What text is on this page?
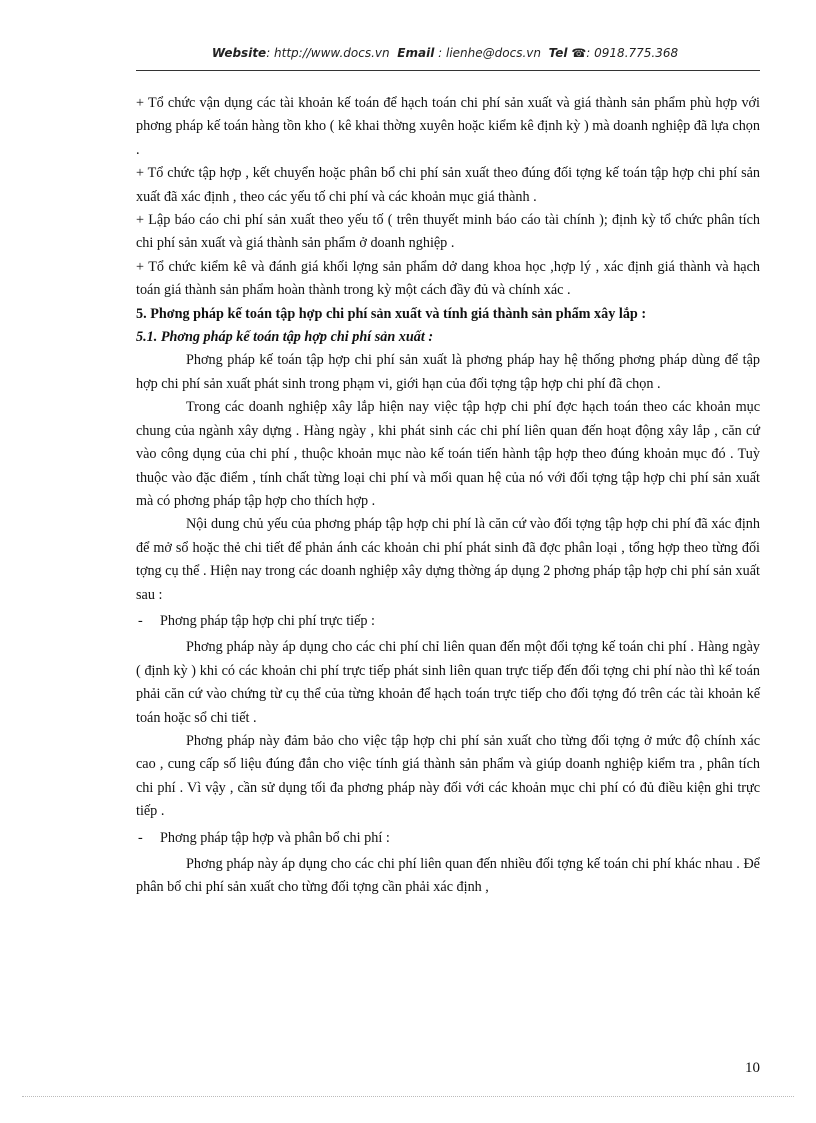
Website: http://www.docs.vn Email : lienhe@docs.vn Tel ☎: 0918.775.368

+ Tổ chức vận dụng các tài khoản kế toán để hạch toán chi phí sản xuất và giá thành sản phẩm phù hợp với phơng pháp kế toán hàng tồn kho ( kê khai thờng xuyên hoặc kiểm kê định kỳ ) mà doanh nghiệp đã lựa chọn .

+ Tổ chức tập hợp , kết chuyển hoặc phân bổ chi phí sản xuất theo đúng đối tợng kế toán tập hợp chi phí sản xuất đã xác định , theo các yếu tố chi phí và các khoản mục giá thành .

+ Lập báo cáo chi phí sản xuất theo yếu tố ( trên thuyết minh báo cáo tài chính ); định kỳ tổ chức phân tích chi phí sản xuất và giá thành sản phẩm ở doanh nghiệp .

+ Tổ chức kiểm kê và đánh giá khối lợng sản phẩm dở dang khoa học ,hợp lý , xác định giá thành và hạch toán giá thành sản phẩm hoàn thành trong kỳ một cách đầy đủ và chính xác .

5. Phơng pháp kế toán tập hợp chi phí sản xuất và tính giá thành sản phẩm xây lắp :

5.1. Phơng pháp kế toán tập hợp chi phí sản xuất :

Phơng pháp kế toán tập hợp chi phí sản xuất là phơng pháp hay hệ thống phơng pháp dùng để tập hợp chi phí sản xuất phát sinh trong phạm vi, giới hạn của đối tợng tập hợp chi phí đã chọn .

Trong các doanh nghiệp xây lắp hiện nay việc tập hợp chi phí đợc hạch toán theo các khoản mục chung của ngành xây dựng . Hàng ngày , khi phát sinh các chi phí liên quan đến hoạt động xây lắp , căn cứ vào công dụng của chi phí , thuộc khoản mục nào kế toán tiến hành tập hợp theo đúng khoản mục đó . Tuỳ thuộc vào đặc điểm , tính chất từng loại chi phí và mối quan hệ của nó với đối tợng tập hợp chi phí sản xuất mà có phơng pháp tập hợp cho thích hợp .

Nội dung chủ yếu của phơng pháp tập hợp chi phí là căn cứ vào đối tợng tập hợp chi phí đã xác định để mở sổ hoặc thẻ chi tiết để phản ánh các khoản chi phí phát sinh đã đợc phân loại , tổng hợp theo từng đối tợng cụ thể . Hiện nay trong các doanh nghiệp xây dựng thờng áp dụng 2 phơng pháp tập hợp chi phí sản xuất sau :

- Phơng pháp tập hợp chi phí trực tiếp :

Phơng pháp này áp dụng cho các chi phí chỉ liên quan đến một đối tợng kế toán chi phí . Hàng ngày ( định kỳ ) khi có các khoản chi phí trực tiếp phát sinh liên quan trực tiếp đến đối tợng chi phí nào thì kế toán phải căn cứ vào chứng từ cụ thể của từng khoản để hạch toán trực tiếp cho đối tợng đó trên các tài khoản kế toán hoặc sổ chi tiết .

Phơng pháp này đảm bảo cho việc tập hợp chi phí sản xuất cho từng đối tợng ở mức độ chính xác cao , cung cấp số liệu đúng đắn cho việc tính giá thành sản phẩm và giúp doanh nghiệp kiểm tra , phân tích chi phí . Vì vậy , cần sử dụng tối đa phơng pháp này đối với các khoản mục chi phí có đủ điều kiện ghi trực tiếp .

- Phơng pháp tập hợp và phân bổ chi phí :

Phơng pháp này áp dụng cho các chi phí liên quan đến nhiều đối tợng kế toán chi phí khác nhau . Để phân bổ chi phí sản xuất cho từng đối tợng cần phải xác định ,

10
